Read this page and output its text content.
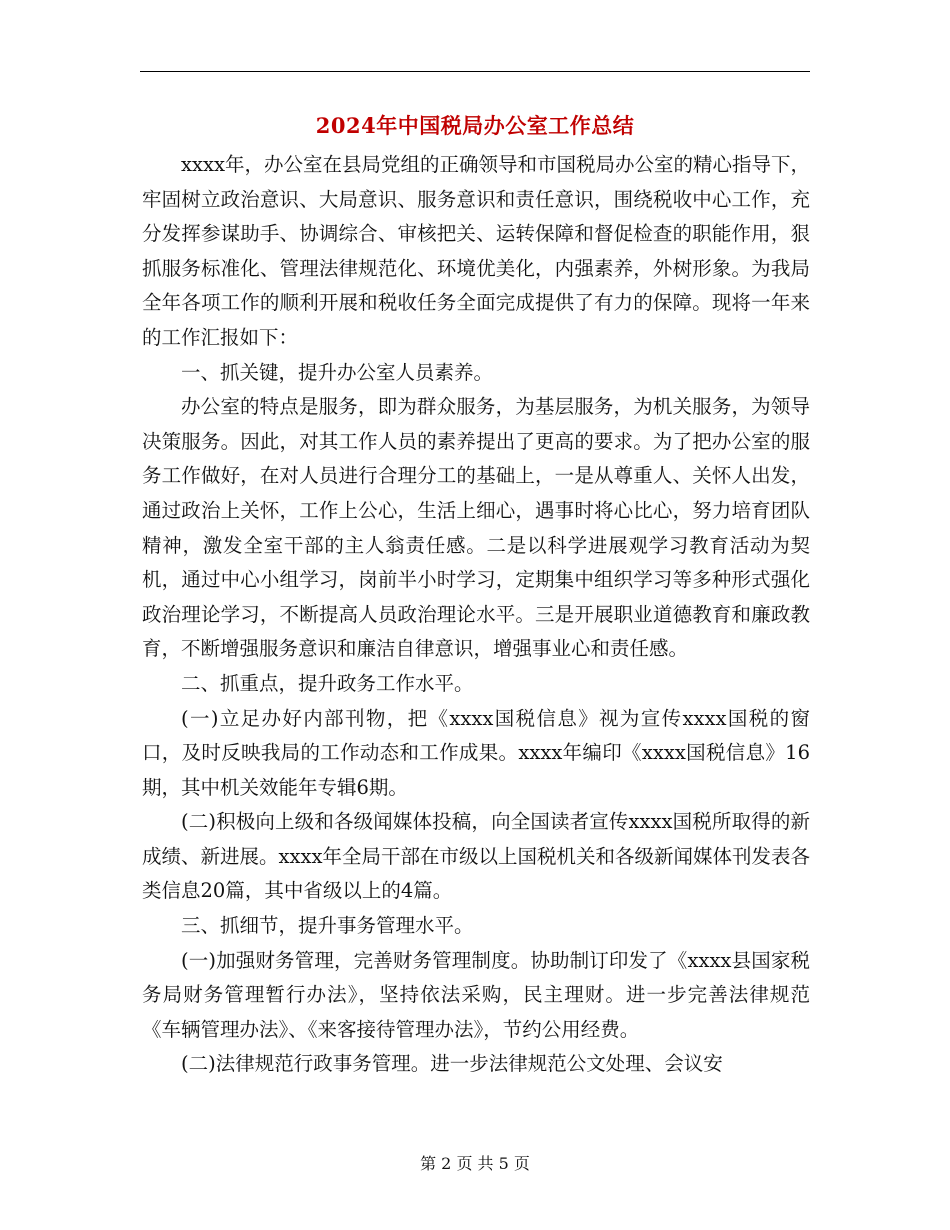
2024年中国税局办公室工作总结

xxxx年，办公室在县局党组的正确领导和市国税局办公室的精心指导下，牢固树立政治意识、大局意识、服务意识和责任意识，围绕税收中心工作，充分发挥参谋助手、协调综合、审核把关、运转保障和督促检查的职能作用，狠抓服务标准化、管理法律规范化、环境优美化，内强素养，外树形象。为我局全年各项工作的顺利开展和税收任务全面完成提供了有力的保障。现将一年来的工作汇报如下：

一、抓关键，提升办公室人员素养。

办公室的特点是服务，即为群众服务，为基层服务，为机关服务，为领导决策服务。因此，对其工作人员的素养提出了更高的要求。为了把办公室的服务工作做好，在对人员进行合理分工的基础上，一是从尊重人、关怀人出发，通过政治上关怀，工作上公心，生活上细心，遇事时将心比心，努力培育团队精神，激发全室干部的主人翁责任感。二是以科学进展观学习教育活动为契机，通过中心小组学习，岗前半小时学习，定期集中组织学习等多种形式强化政治理论学习，不断提高人员政治理论水平。三是开展职业道德教育和廉政教育，不断增强服务意识和廉洁自律意识，增强事业心和责任感。

二、抓重点，提升政务工作水平。

(一)立足办好内部刊物，把《xxxx国税信息》视为宣传xxxx国税的窗口，及时反映我局的工作动态和工作成果。xxxx年编印《xxxx国税信息》16期，其中机关效能年专辑6期。

(二)积极向上级和各级闻媒体投稿，向全国读者宣传xxxx国税所取得的新成绩、新进展。xxxx年全局干部在市级以上国税机关和各级新闻媒体刊发表各类信息20篇，其中省级以上的4篇。

三、抓细节，提升事务管理水平。

(一)加强财务管理，完善财务管理制度。协助制订印发了《xxxx县国家税务局财务管理暂行办法》，坚持依法采购，民主理财。进一步完善法律规范《车辆管理办法》、《来客接待管理办法》，节约公用经费。

(二)法律规范行政事务管理。进一步法律规范公文处理、会议安

第 2 页 共 5 页
